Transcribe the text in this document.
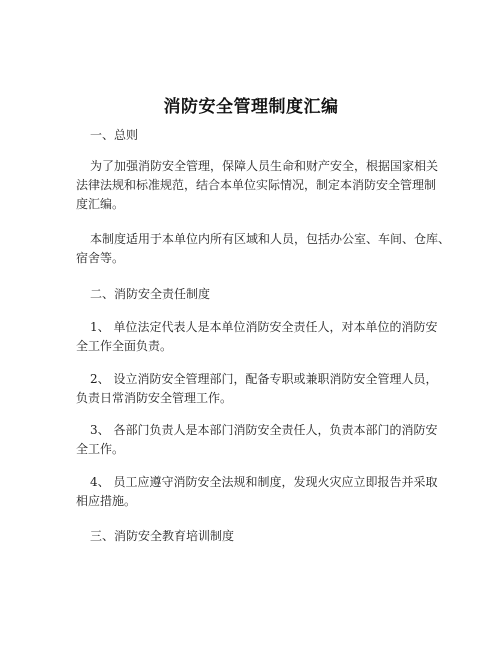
消防安全管理制度汇编
一、总则
为了加强消防安全管理，保障人员生命和财产安全，根据国家相关
法律法规和标准规范，结合本单位实际情况，制定本消防安全管理制
度汇编。
本制度适用于本单位内所有区域和人员，包括办公室、车间、仓库、
宿舍等。
二、消防安全责任制度
1、 单位法定代表人是本单位消防安全责任人，对本单位的消防安
全工作全面负责。
2、 设立消防安全管理部门，配备专职或兼职消防安全管理人员，
负责日常消防安全管理工作。
3、 各部门负责人是本部门消防安全责任人，负责本部门的消防安
全工作。
4、 员工应遵守消防安全法规和制度，发现火灾应立即报告并采取
相应措施。
三、消防安全教育培训制度
